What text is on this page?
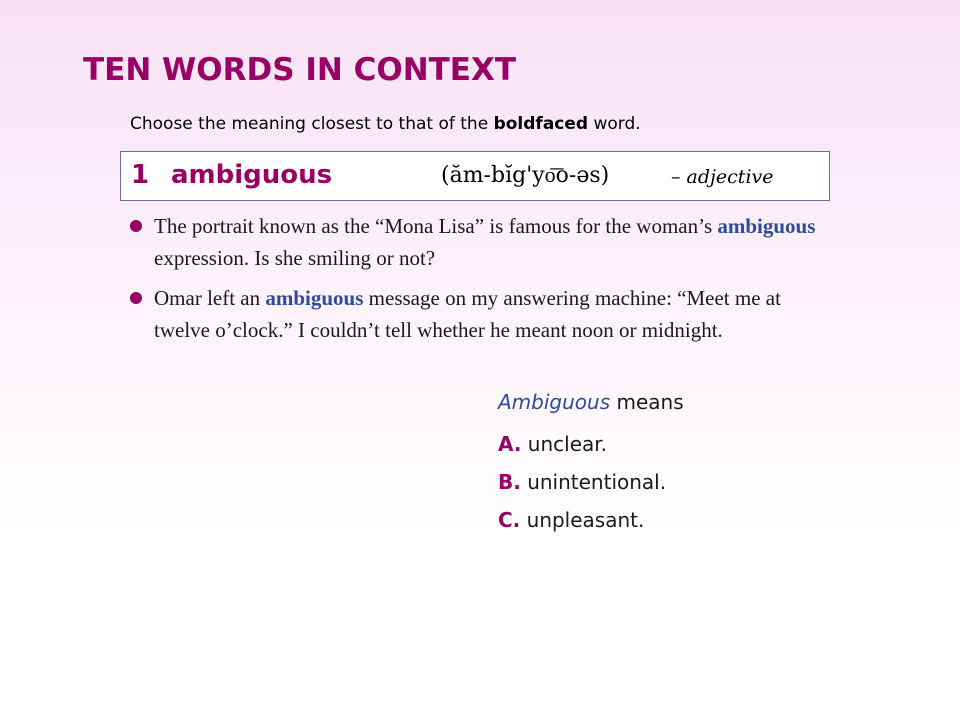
TEN WORDS IN CONTEXT
Choose the meaning closest to that of the boldfaced word.
1 ambiguous	(ăm-bĭg'yo͞o-əs)	– adjective
The portrait known as the “Mona Lisa” is famous for the woman’s ambiguous expression. Is she smiling or not?
Omar left an ambiguous message on my answering machine: “Meet me at twelve o’clock.” I couldn’t tell whether he meant noon or midnight.
Ambiguous means
A. unclear.
B. unintentional.
C. unpleasant.
